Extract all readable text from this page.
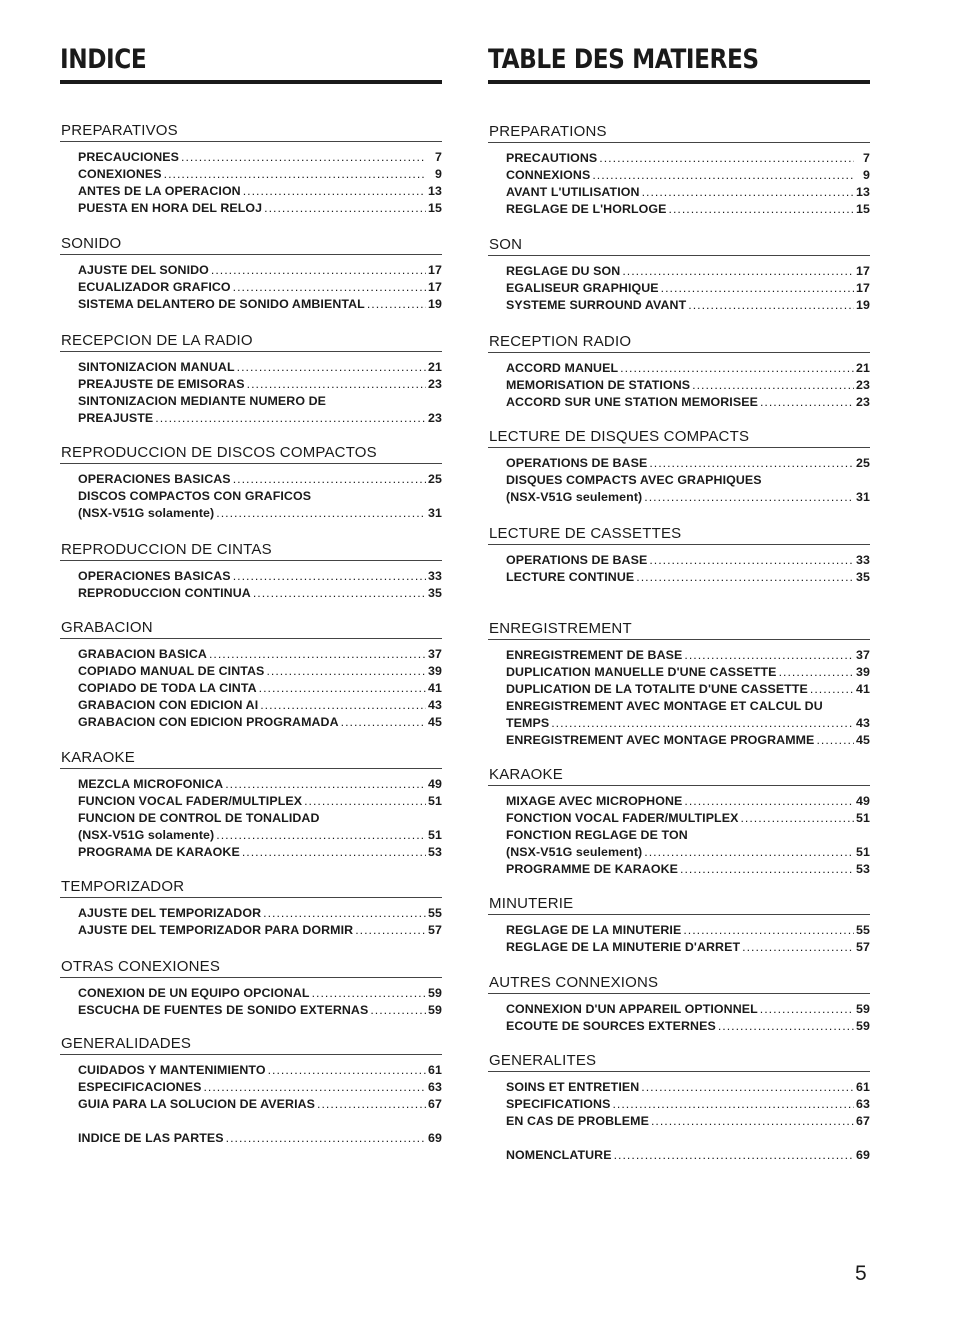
INDICE
PREPARATIVOS
PRECAUCIONES .....	7
CONEXIONES .....	9
ANTES DE LA OPERACION .....	13
PUESTA EN HORA DEL RELOJ .....	15
SONIDO
AJUSTE DEL SONIDO .....	17
ECUALIZADOR GRAFICO .....	17
SISTEMA DELANTERO DE SONIDO AMBIENTAL .....	19
RECEPCION DE LA RADIO
SINTONIZACION MANUAL .....	21
PREAJUSTE DE EMISORAS .....	23
SINTONIZACION MEDIANTE NUMERO DE
PREAJUSTE .....	23
REPRODUCCION DE DISCOS COMPACTOS
OPERACIONES BASICAS .....	25
DISCOS COMPACTOS CON GRAFICOS
(NSX-V51G solamente) .....	31
REPRODUCCION DE CINTAS
OPERACIONES BASICAS .....	33
REPRODUCCION CONTINUA .....	35
GRABACION
GRABACION BASICA .....	37
COPIADO MANUAL DE CINTAS .....	39
COPIADO DE TODA LA CINTA .....	41
GRABACION CON EDICION AI .....	43
GRABACION CON EDICION PROGRAMADA .....	45
KARAOKE
MEZCLA MICROFONICA .....	49
FUNCION VOCAL FADER/MULTIPLEX .....	51
FUNCION DE CONTROL DE TONALIDAD
(NSX-V51G solamente) .....	51
PROGRAMA DE KARAOKE .....	53
TEMPORIZADOR
AJUSTE DEL TEMPORIZADOR .....	55
AJUSTE DEL TEMPORIZADOR PARA DORMIR .....	57
OTRAS CONEXIONES
CONEXION DE UN EQUIPO OPCIONAL .....	59
ESCUCHA DE FUENTES DE SONIDO EXTERNAS .....	59
GENERALIDADES
CUIDADOS Y MANTENIMIENTO .....	61
ESPECIFICACIONES .....	63
GUIA PARA LA SOLUCION DE AVERIAS .....	67
INDICE DE LAS PARTES .....	69
TABLE DES MATIERES
PREPARATIONS
PRECAUTIONS .....	7
CONNEXIONS .....	9
AVANT L'UTILISATION .....	13
REGLAGE DE L'HORLOGE .....	15
SON
REGLAGE DU SON .....	17
EGALISEUR GRAPHIQUE .....	17
SYSTEME SURROUND AVANT .....	19
RECEPTION RADIO
ACCORD MANUEL .....	21
MEMORISATION DE STATIONS .....	23
ACCORD SUR UNE STATION MEMORISEE .....	23
LECTURE DE DISQUES COMPACTS
OPERATIONS DE BASE .....	25
DISQUES COMPACTS AVEC GRAPHIQUES
(NSX-V51G seulement) .....	31
LECTURE DE CASSETTES
OPERATIONS DE BASE .....	33
LECTURE CONTINUE .....	35
ENREGISTREMENT
ENREGISTREMENT DE BASE .....	37
DUPLICATION MANUELLE D'UNE CASSETTE .....	39
DUPLICATION DE LA TOTALITE D'UNE CASSETTE .....	41
ENREGISTREMENT AVEC MONTAGE ET CALCUL DU
TEMPS .....	43
ENREGISTREMENT AVEC MONTAGE PROGRAMME .....	45
KARAOKE
MIXAGE AVEC MICROPHONE .....	49
FONCTION VOCAL FADER/MULTIPLEX .....	51
FONCTION REGLAGE DE TON
(NSX-V51G seulement) .....	51
PROGRAMME DE KARAOKE .....	53
MINUTERIE
REGLAGE DE LA MINUTERIE .....	55
REGLAGE DE LA MINUTERIE D'ARRET .....	57
AUTRES CONNEXIONS
CONNEXION D'UN APPAREIL OPTIONNEL .....	59
ECOUTE DE SOURCES EXTERNES .....	59
GENERALITES
SOINS ET ENTRETIEN .....	61
SPECIFICATIONS .....	63
EN CAS DE PROBLEME .....	67
NOMENCLATURE .....	69
5
